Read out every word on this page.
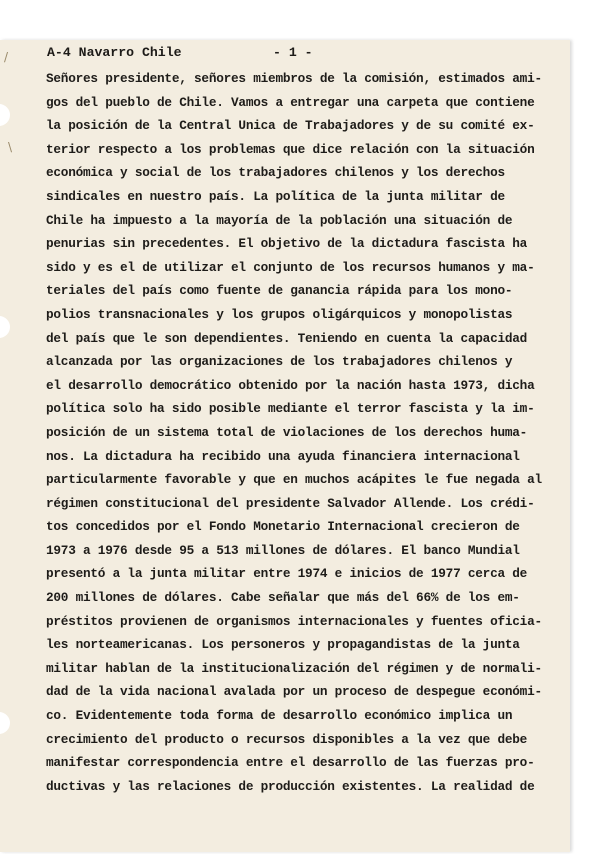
/
\
A-4 Navarro Chile	- 1 -
Señores presidente, señores miembros de la comisión, estimados ami-
gos del pueblo de Chile. Vamos a entregar una carpeta que contiene
la posición de la Central Unica de Trabajadores y de su comité ex-
terior respecto a los problemas que dice relación con la situación
económica y social de los trabajadores chilenos y los derechos
sindicales en nuestro país. La política de la junta militar de
Chile ha impuesto a la mayoría de la población una situación de
penurias sin precedentes. El objetivo de la dictadura fascista ha
sido y es el de utilizar el conjunto de los recursos humanos y ma-
teriales del país como fuente de ganancia rápida para los mono-
polios transnacionales y los grupos oligárquicos y monopolistas
del país que le son dependientes. Teniendo en cuenta la capacidad
alcanzada por las organizaciones de los trabajadores chilenos y
el desarrollo democrático obtenido por la nación hasta 1973, dicha
política solo ha sido posible mediante el terror fascista y la im-
posición de un sistema total de violaciones de los derechos huma-
nos. La dictadura ha recibido una ayuda financiera internacional
particularmente favorable y que en muchos acápites le fue negada al
régimen constitucional del presidente Salvador Allende. Los crédi-
tos concedidos por el Fondo Monetario Internacional crecieron de
1973 a 1976 desde 95 a 513 millones de dólares. El banco Mundial
presentó a la junta militar entre 1974 e inicios de 1977 cerca de
200 millones de dólares. Cabe señalar que más del 66% de los em-
préstitos provienen de organismos internacionales y fuentes oficia-
les norteamericanas. Los personeros y propagandistas de la junta
militar hablan de la institucionalización del régimen y de normali-
dad de la vida nacional avalada por un proceso de despegue económi-
co. Evidentemente toda forma de desarrollo económico implica un
crecimiento del producto o recursos disponibles a la vez que debe
manifestar correspondencia entre el desarrollo de las fuerzas pro-
ductivas y las relaciones de producción existentes. La realidad de
